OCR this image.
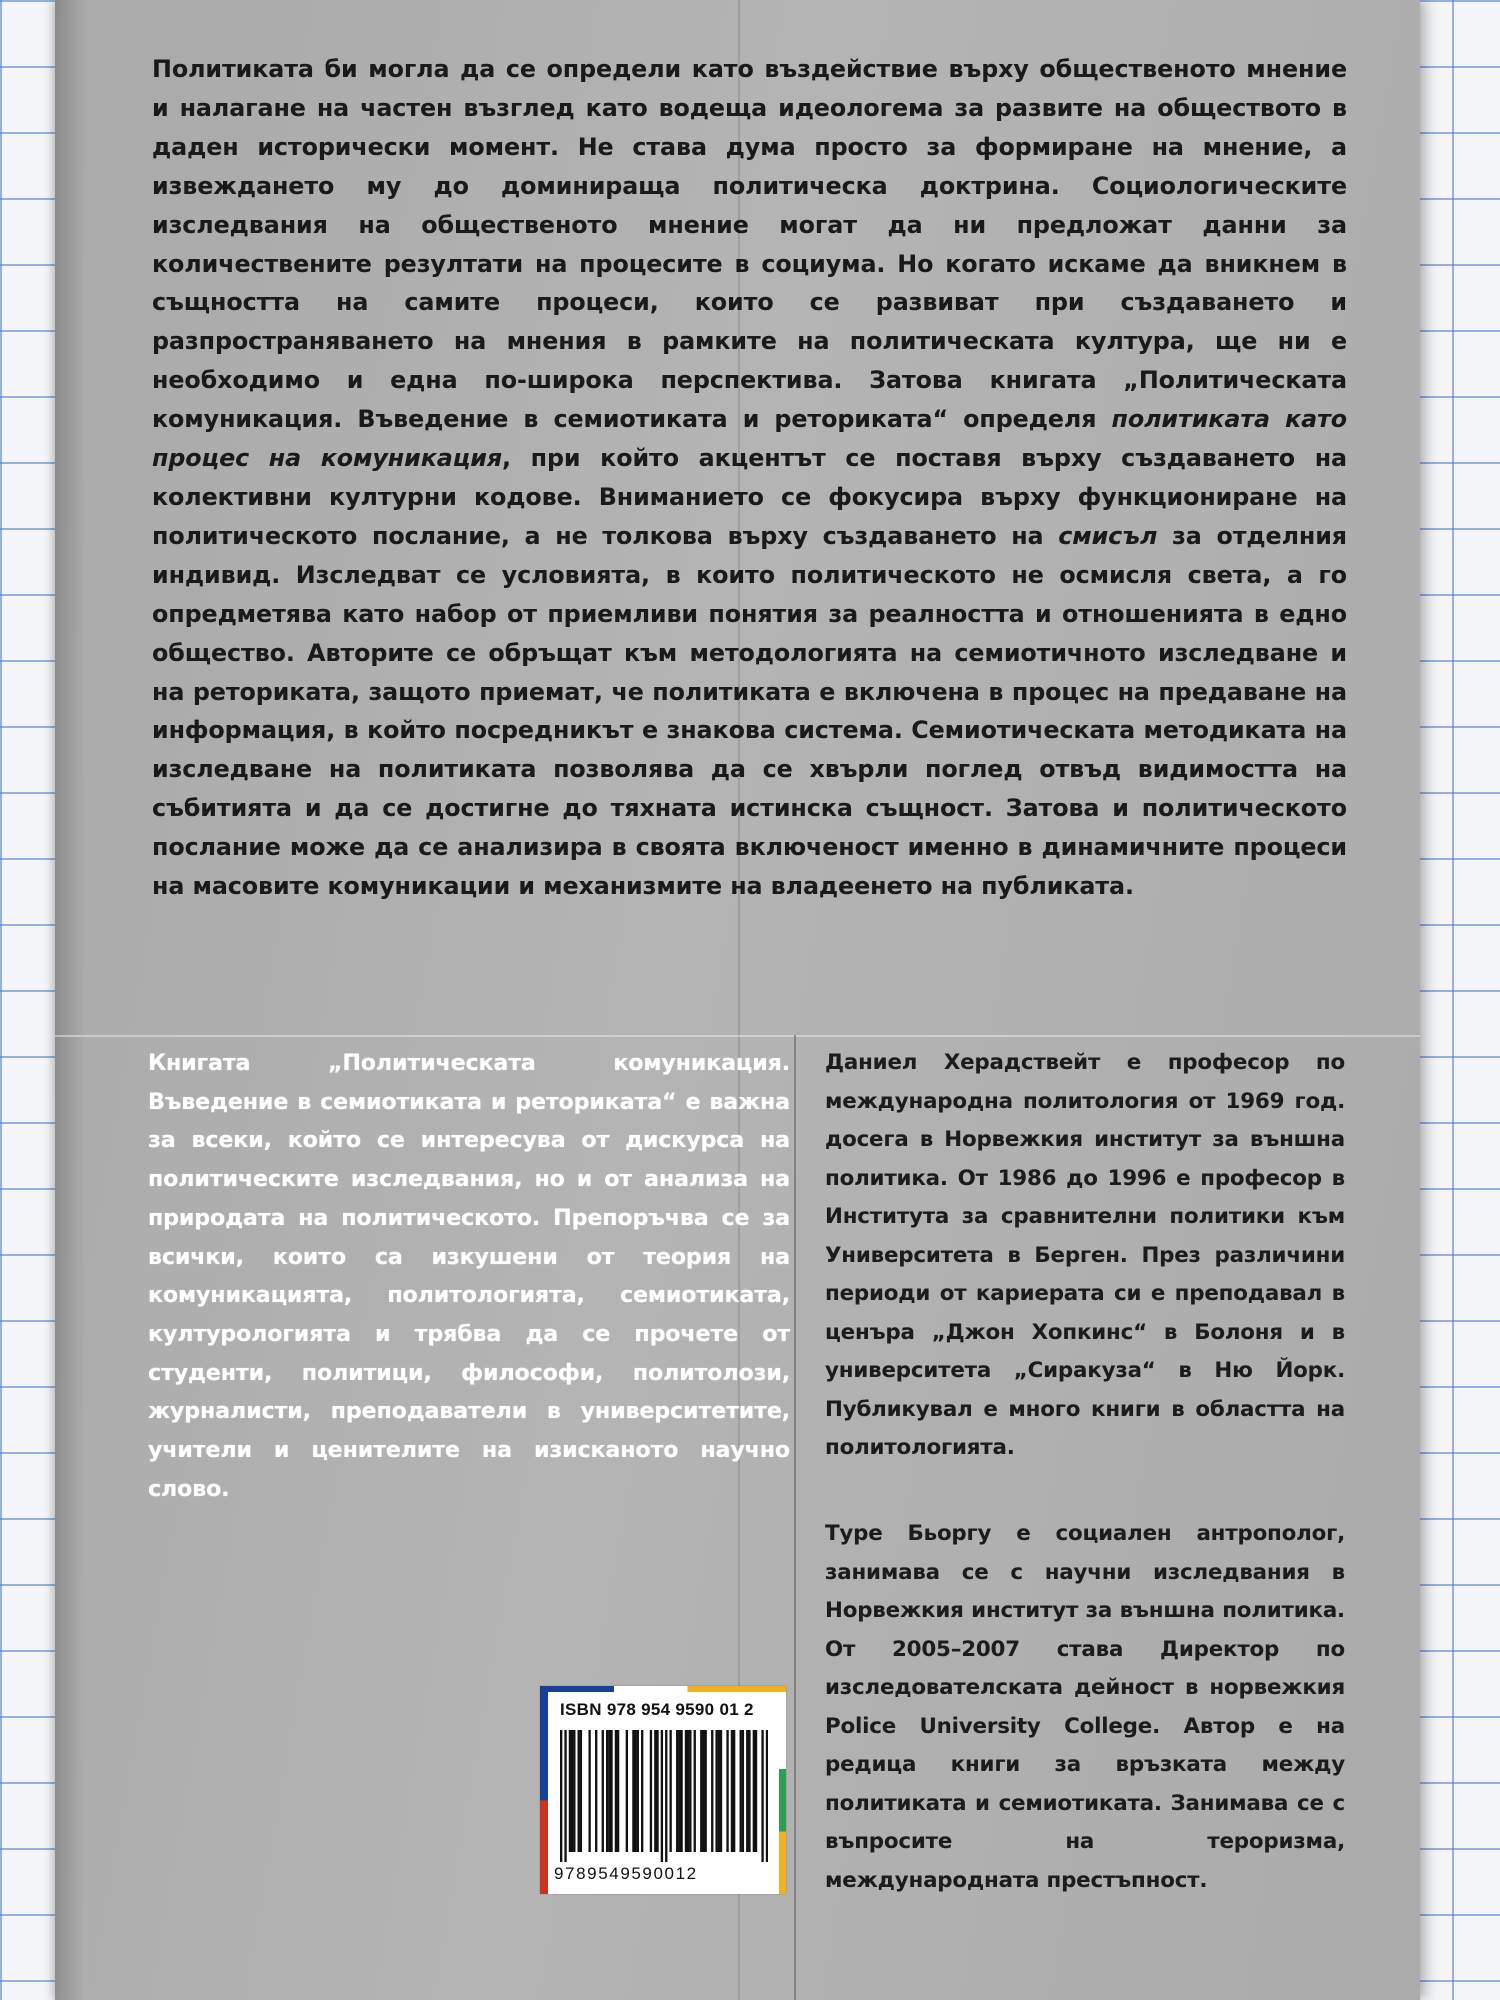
Политиката би могла да се определи като въздействие върху общественото мнение и налагане на частен възглед като водеща идеологема за развите на обществото в даден исторически момент. Не става дума просто за формиране на мнение, а извеждането му до доминираща политическа доктрина. Социологическите изследвания на общественото мнение могат да ни предложат данни за количествените резултати на процесите в социума. Но когато искаме да вникнем в същността на самите процеси, които се развиват при създаването и разпространяването на мнения в рамките на политическата култура, ще ни е необходимо и една по-широка перспектива. Затова книгата „Политическата комуникация. Въведение в семиотиката и реториката“ определя политиката като процес на комуникация, при който акцентът се поставя върху създаването на колективни културни кодове. Вниманието се фокусира върху функциониране на политическото послание, а не толкова върху създаването на смисъл за отделния индивид. Изследват се условията, в които политическото не осмисля света, а го опредметява като набор от приемливи понятия за реалността и отношенията в едно общество. Авторите се обръщат към методологията на семиотичното изследване и на реториката, защото приемат, че политиката е включена в процес на предаване на информация, в който посредникът е знакова система. Семиотическата методиката на изследване на политиката позволява да се хвърли поглед отвъд видимостта на събитията и да се достигне до тяхната истинска същност. Затова и политическото послание може да се анализира в своята включеност именно в динамичните процеси на масовите комуникации и механизмите на владеенето на публиката.

Книгата „Политическата комуникация. Въведение в семиотиката и реториката“ е важна за всеки, който се интересува от дискурса на политическите изследвания, но и от анализа на природата на политическото. Препоръчва се за всички, които са изкушени от теория на комуникацията, политологията, семиотиката, културологията и трябва да се прочете от студенти, политици, философи, политолози, журналисти, преподаватели в университетите, учители и ценителите на изисканото научно слово.

Даниел Херадствейт е професор по международна политология от 1969 год. досега в Норвежкия институт за външна политика. От 1986 до 1996 е професор в Института за сравнителни политики към Университета в Берген. През различини периоди от кариерата си е преподавал в ценъра „Джон Хопкинс“ в Болоня и в университета „Сиракуза“ в Ню Йорк. Публикувал е много книги в областта на политологията.

Туре Бьоргу е социален антрополог, занимава се с научни изследвания в Норвежкия институт за външна политика. От 2005–2007 става Директор по изследователската дейност в норвежкия Police University College. Автор е на редица книги за връзката между политиката и семиотиката. Занимава се с въпросите на тероризма, международната престъпност.

ISBN 978 954 9590 01 2
9789549590012
